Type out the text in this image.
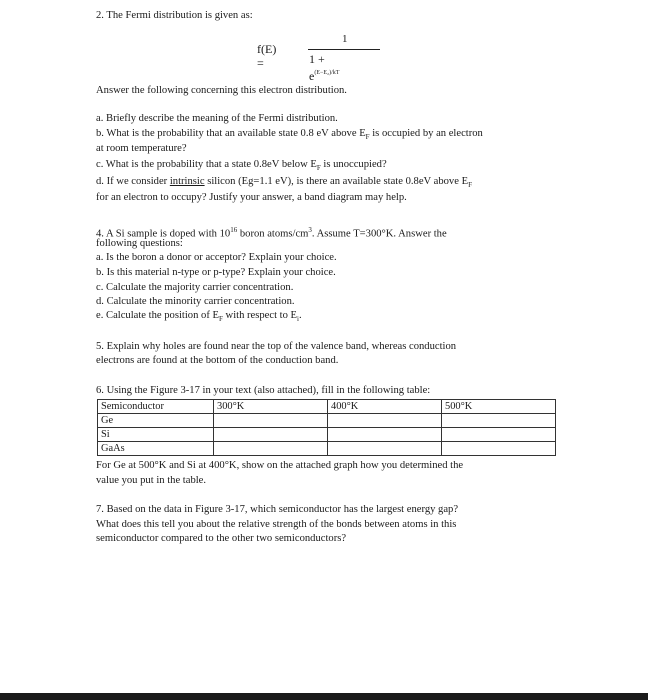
2. The Fermi distribution is given as:
f(E) =
1
$1 + e^{(E-E_2)/kT}$
Answer the following concerning this electron distribution.
a. Briefly describe the meaning of the Fermi distribution.
b. What is the probability that an available state 0.8 eV above $E_F$ is occupied by an electron
at room temperature?
c. What is the probability that a state 0.8eV below $E_F$ is unoccupied?
d. If we consider intrinsic silicon (Eg=1.1 eV), is there an available state 0.8eV above $E_F$
for an electron to occupy? Justify your answer, a band diagram may help.
4. A Si sample is doped with $10^{16}$ boron atoms/$cm^3$. Assume T=300°K. Answer the
following questions:
a. Is the boron a donor or acceptor? Explain your choice.
b. Is this material n-type or p-type? Explain your choice.
c. Calculate the majority carrier concentration.
d. Calculate the minority carrier concentration.
e. Calculate the position of $E_F$ with respect to $E_i$.
5. Explain why holes are found near the top of the valence band, whereas conduction
electrons are found at the bottom of the conduction band.
6. Using the Figure 3-17 in your text (also attached), fill in the following table:
Semiconductor	300°K	400°K	500°K
Ge			
Si			
GaAs			
For Ge at 500°K and Si at 400°K, show on the attached graph how you determined the
value you put in the table.
7. Based on the data in Figure 3-17, which semiconductor has the largest energy gap?
What does this tell you about the relative strength of the bonds between atoms in this
semiconductor compared to the other two semiconductors?
